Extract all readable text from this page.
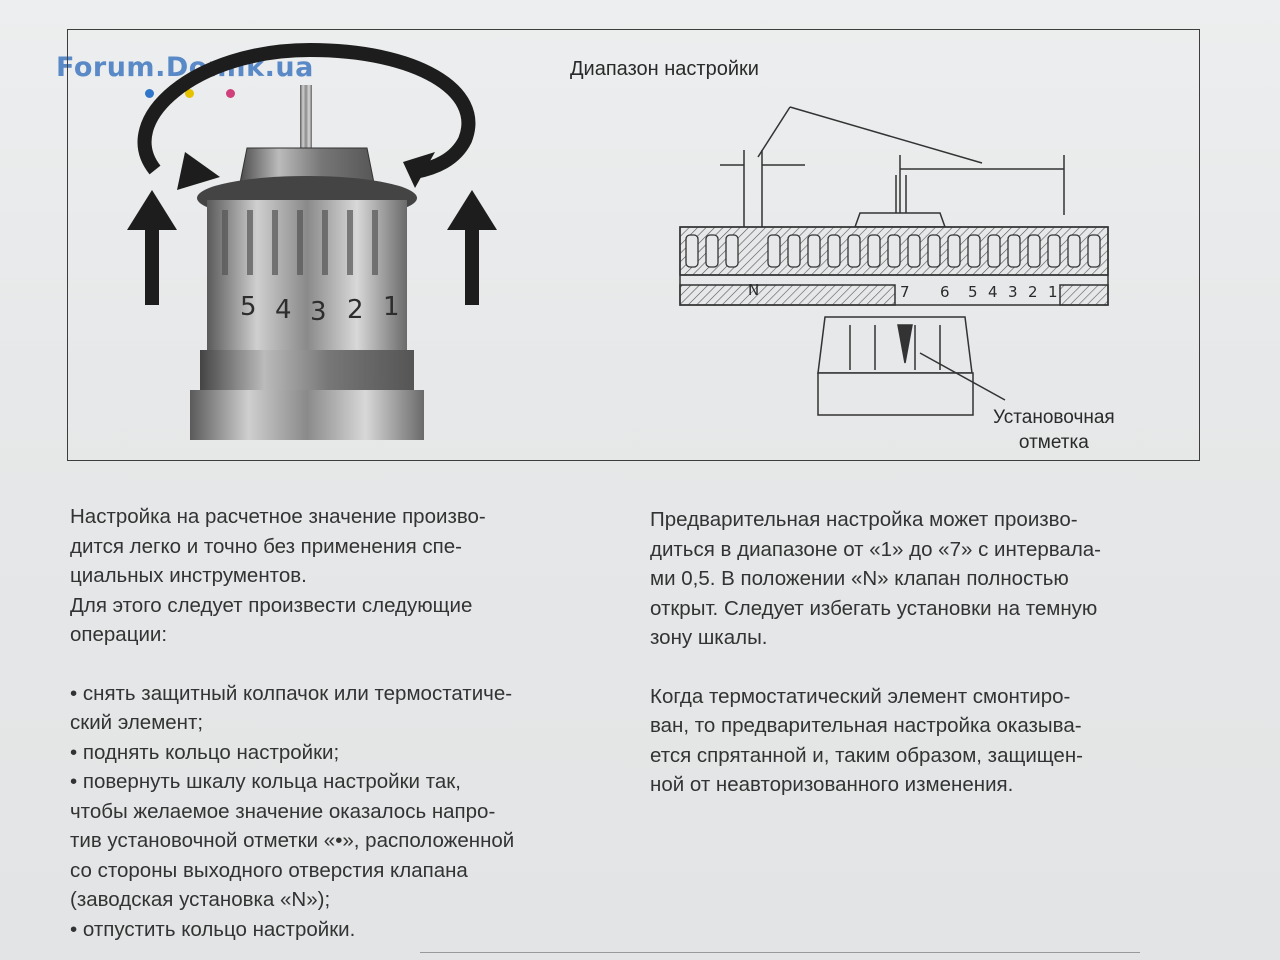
Forum.Domik.ua
1
2
3
4
5
Диапазон настройки
N	1
2
3
4
5
6
7
Установочная
отметка

Настройка на расчетное значение произво-

дится легко и точно без применения спе-

циальных инструментов.

Для этого следует произвести следующие

операции:

• снять защитный колпачок или термостатиче-

ский элемент;

• поднять кольцо настройки;

• повернуть шкалу кольца настройки так,

чтобы желаемое значение оказалось напро-

тив установочной отметки «•», расположенной

со стороны выходного отверстия клапана

(заводская установка «N»);

• отпустить кольцо настройки.

Предварительная настройка может произво-

диться в диапазоне от «1» до «7» с интервала-

ми 0,5. В положении «N» клапан полностью

открыт. Следует избегать установки на темную

зону шкалы.

Когда термостатический элемент смонтиро-

ван, то предварительная настройка оказыва-

ется спрятанной и, таким образом, защищен-

ной от неавторизованного изменения.
